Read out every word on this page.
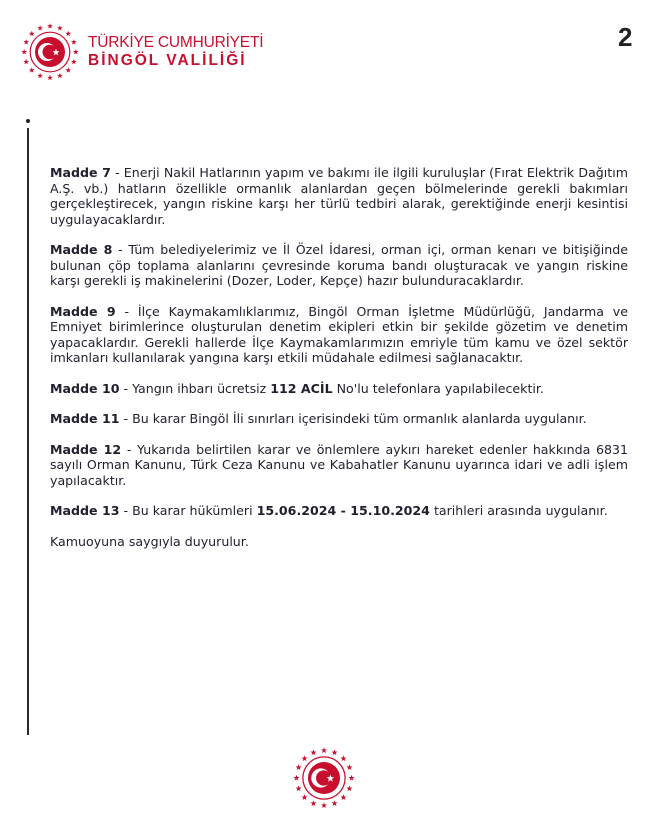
TÜRKİYE CUMHURİYETİ
BİNGÖL VALİLİĞİ
2

Madde 7 - Enerji Nakil Hatlarının yapım ve bakımı ile ilgili kuruluşlar (Fırat Elektrik Dağıtım A.Ş. vb.) hatların özellikle ormanlık alanlardan geçen bölmelerinde gerekli bakımları gerçekleştirecek, yangın riskine karşı her türlü tedbiri alarak, gerektiğinde enerji kesintisi uygulayacaklardır.

Madde 8 - Tüm belediyelerimiz ve İl Özel İdaresi, orman içi, orman kenarı ve bitişiğinde bulunan çöp toplama alanlarını çevresinde koruma bandı oluşturacak ve yangın riskine karşı gerekli iş makinelerini (Dozer, Loder, Kepçe) hazır bulunduracaklardır.

Madde 9 - İlçe Kaymakamlıklarımız, Bingöl Orman İşletme Müdürlüğü, Jandarma ve Emniyet birimlerince oluşturulan denetim ekipleri etkin bir şekilde gözetim ve denetim yapacaklardır. Gerekli hallerde İlçe Kaymakamlarımızın emriyle tüm kamu ve özel sektör imkanları kullanılarak yangına karşı etkili müdahale edilmesi sağlanacaktır.

Madde 10 - Yangın ihbarı ücretsiz 112 ACİL No'lu telefonlara yapılabilecektir.

Madde 11 - Bu karar Bingöl İli sınırları içerisindeki tüm ormanlık alanlarda uygulanır.

Madde 12 - Yukarıda belirtilen karar ve önlemlere aykırı hareket edenler hakkında 6831 sayılı Orman Kanunu, Türk Ceza Kanunu ve Kabahatler Kanunu uyarınca idari ve adli işlem yapılacaktır.

Madde 13 - Bu karar hükümleri 15.06.2024 - 15.10.2024 tarihleri arasında uygulanır.

Kamuoyuna saygıyla duyurulur.
